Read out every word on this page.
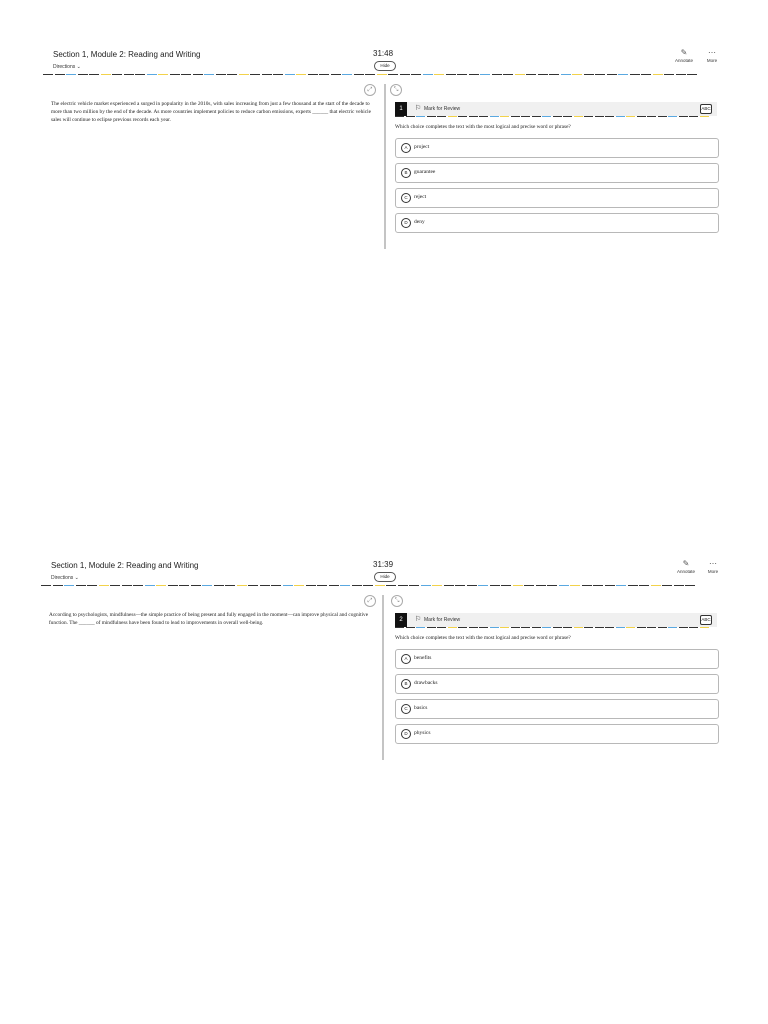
Section 1, Module 2: Reading and Writing
Directions ⌄
31:48
Hide
✎
Annotate
⋯
More
⤢	⤡
The electric vehicle market experienced a surged in popularity in the 2010s, with sales increasing from just a few thousand at the start of the decade to more than two million by the end of the decade. As more countries implement policies to reduce carbon emissions, experts ______ that electric vehicle sales will continue to eclipse previous records each year.
1	⚐ Mark for Review	ABC
Which choice completes the text with the most logical and precise word or phrase?
A	project
B	guarantee
C	reject
D	deny
Section 1, Module 2: Reading and Writing
Directions ⌄
31:39
Hide
✎
Annotate
⋯
More
⤢	⤡
According to psychologists, mindfulness—the simple practice of being present and fully engaged in the moment—can improve physical and cognitive function. The ______ of mindfulness have been found to lead to improvements in overall well-being.	2	⚐ Mark for Review	ABC
Which choice completes the text with the most logical and precise word or phrase?
A	benefits
B	drawbacks
C	basics
D	physics
